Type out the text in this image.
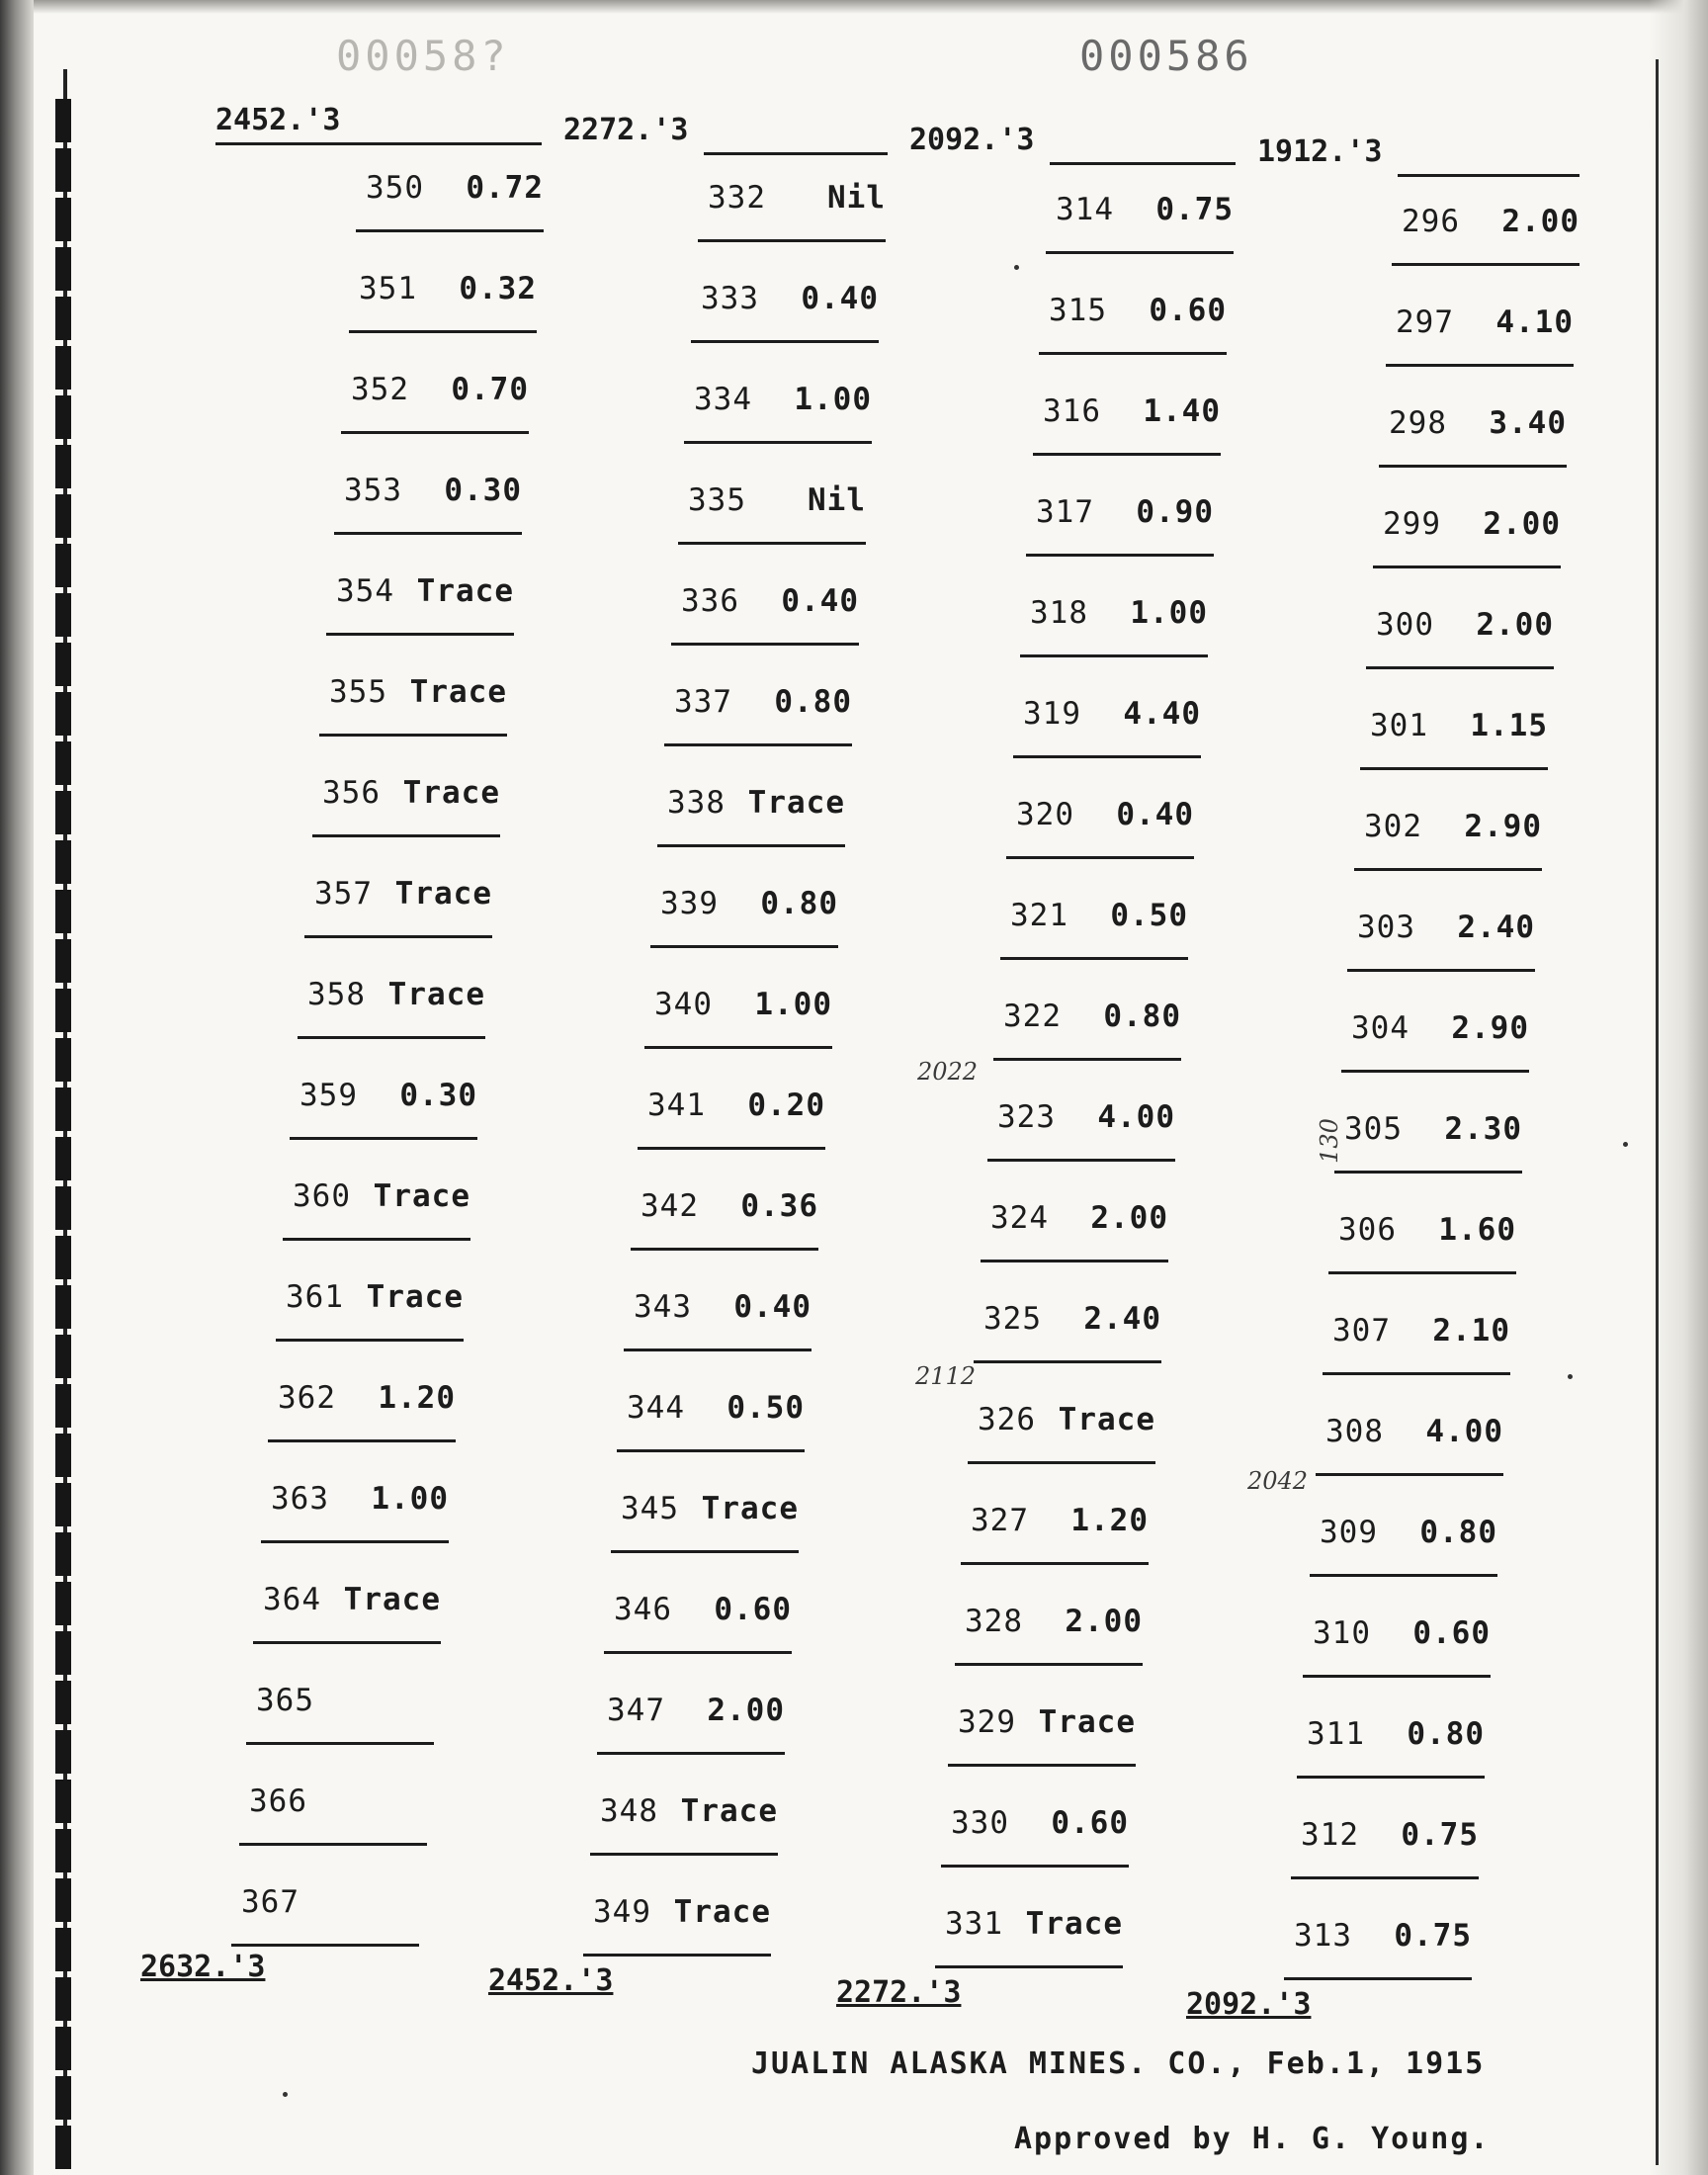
00058?	000586
2452.'3
350 0.72
351 0.32
352 0.70
353 0.30
354 Trace
355 Trace
356 Trace
357 Trace
358 Trace
359 0.30
360 Trace
361 Trace
362 1.20
363 1.00
364 Trace
365
366
367
2632.'3
2272.'3
332 Nil
333 0.40
334 1.00
335 Nil
336 0.40
337 0.80
338 Trace
339 0.80
340 1.00
341 0.20
342 0.36
343 0.40
344 0.50
345 Trace
346 0.60
347 2.00
348 Trace
349 Trace
2452.'3
2092.'3
314 0.75
315 0.60
316 1.40
317 0.90
318 1.00
319 4.40
320 0.40
321 0.50
322 0.80
323 4.00
324 2.00
325 2.40
326 Trace
327 1.20
328 2.00
329 Trace
330 0.60
331 Trace
2272.'3
1912.'3
296 2.00
297 4.10
298 3.40
299 2.00
300 2.00
301 1.15
302 2.90
303 2.40
304 2.90
305 2.30
306 1.60
307 2.10
308 4.00
309 0.80
310 0.60
311 0.80
312 0.75
313 0.75
2092.'3
2022
2112
2042
130
JUALIN ALASKA MINES. CO., Feb.1, 1915
Approved by H. G. Young.
